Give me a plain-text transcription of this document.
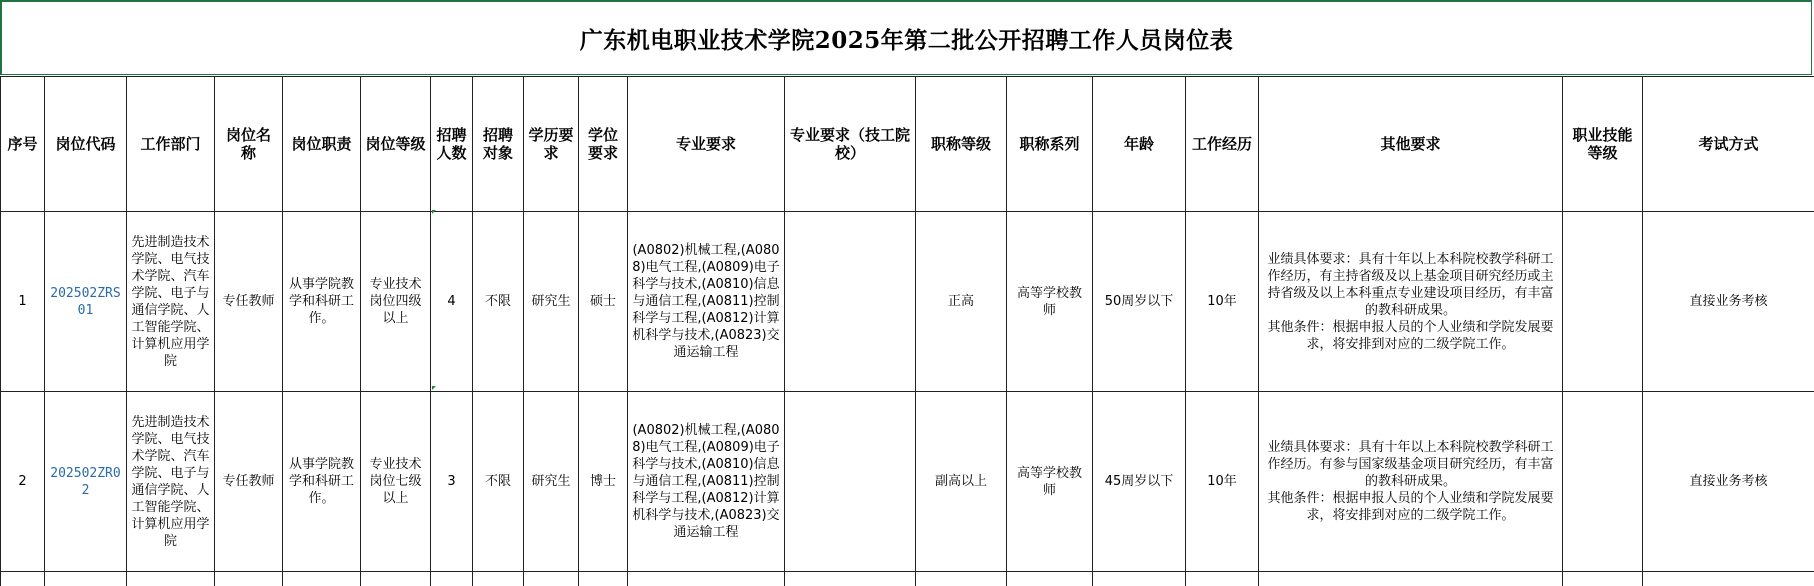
广东机电职业技术学院2025年第二批公开招聘工作人员岗位表
序号	岗位代码	工作部门	岗位名称	岗位职责	岗位等级	招聘人数	招聘对象	学历要求	学位要求	专业要求	专业要求（技工院校）	职称等级	职称系列	年龄	工作经历	其他要求	职业技能等级	考试方式
1	202502ZRS01	先进制造技术学院、电气技术学院、汽车学院、电子与通信学院、人工智能学院、计算机应用学院	专任教师	从事学院教学和科研工作。	专业技术岗位四级以上	4	不限	研究生	硕士	(A0802)机械工程,(A0808)电气工程,(A0809)电子科学与技术,(A0810)信息与通信工程,(A0811)控制科学与工程,(A0812)计算机科学与技术,(A0823)交通运输工程		正高	高等学校教师	50周岁以下	10年	业绩具体要求：具有十年以上本科院校教学科研工作经历，有主持省级及以上基金项目研究经历或主持省级及以上本科重点专业建设项目经历，有丰富的教科研成果。
其他条件：根据申报人员的个人业绩和学院发展要求，将安排到对应的二级学院工作。		直接业务考核
2	202502ZR02	先进制造技术学院、电气技术学院、汽车学院、电子与通信学院、人工智能学院、计算机应用学院	专任教师	从事学院教学和科研工作。	专业技术岗位七级以上	3	不限	研究生	博士	(A0802)机械工程,(A0808)电气工程,(A0809)电子科学与技术,(A0810)信息与通信工程,(A0811)控制科学与工程,(A0812)计算机科学与技术,(A0823)交通运输工程		副高以上	高等学校教师	45周岁以下	10年	业绩具体要求：具有十年以上本科院校教学科研工作经历。有参与国家级基金项目研究经历，有丰富的教科研成果。
其他条件：根据申报人员的个人业绩和学院发展要求，将安排到对应的二级学院工作。		直接业务考核
